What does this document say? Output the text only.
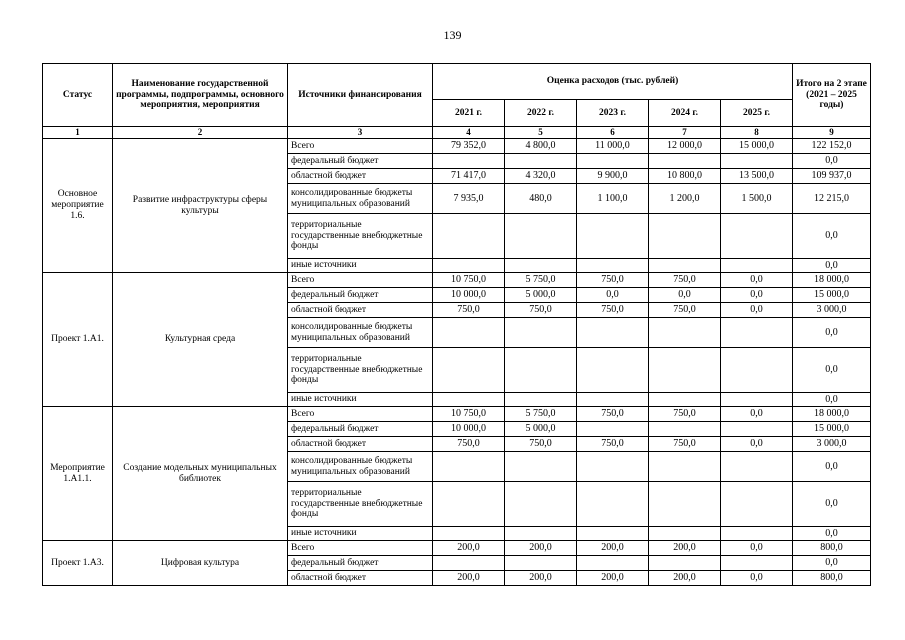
139
Статус	Наименование государственной программы, подпрограммы, основного мероприятия, мероприятия	Источники финансирования	Оценка расходов (тыс. рублей)					Итого на 2 этапе (2021 – 2025 годы)
			2021 г.	2022 г.	2023 г.	2024 г.	2025 г.	
1	2	3	4	5	6	7	8	9
Основное мероприятие 1.6.	Развитие инфраструктуры сферы культуры	Всего	79 352,0	4 800,0	11 000,0	12 000,0	15 000,0	122 152,0
		федеральный бюджет						0,0
		областной бюджет	71 417,0	4 320,0	9 900,0	10 800,0	13 500,0	109 937,0
		консолидированные бюджеты муниципальных образований	7 935,0	480,0	1 100,0	1 200,0	1 500,0	12 215,0
		территориальные государственные внебюджетные фонды						0,0
		иные источники						0,0
Проект 1.А1.	Культурная среда	Всего	10 750,0	5 750,0	750,0	750,0	0,0	18 000,0
		федеральный бюджет	10 000,0	5 000,0	0,0	0,0	0,0	15 000,0
		областной бюджет	750,0	750,0	750,0	750,0	0,0	3 000,0
		консолидированные бюджеты муниципальных образований						0,0
		территориальные государственные внебюджетные фонды						0,0
		иные источники						0,0
Мероприятие 1.А1.1.	Создание модельных муниципальных библиотек	Всего	10 750,0	5 750,0	750,0	750,0	0,0	18 000,0
		федеральный бюджет	10 000,0	5 000,0				15 000,0
		областной бюджет	750,0	750,0	750,0	750,0	0,0	3 000,0
		консолидированные бюджеты муниципальных образований						0,0
		территориальные государственные внебюджетные фонды						0,0
		иные источники						0,0
Проект 1.А3.	Цифровая культура	Всего	200,0	200,0	200,0	200,0	0,0	800,0
		федеральный бюджет						0,0
		областной бюджет	200,0	200,0	200,0	200,0	0,0	800,0
